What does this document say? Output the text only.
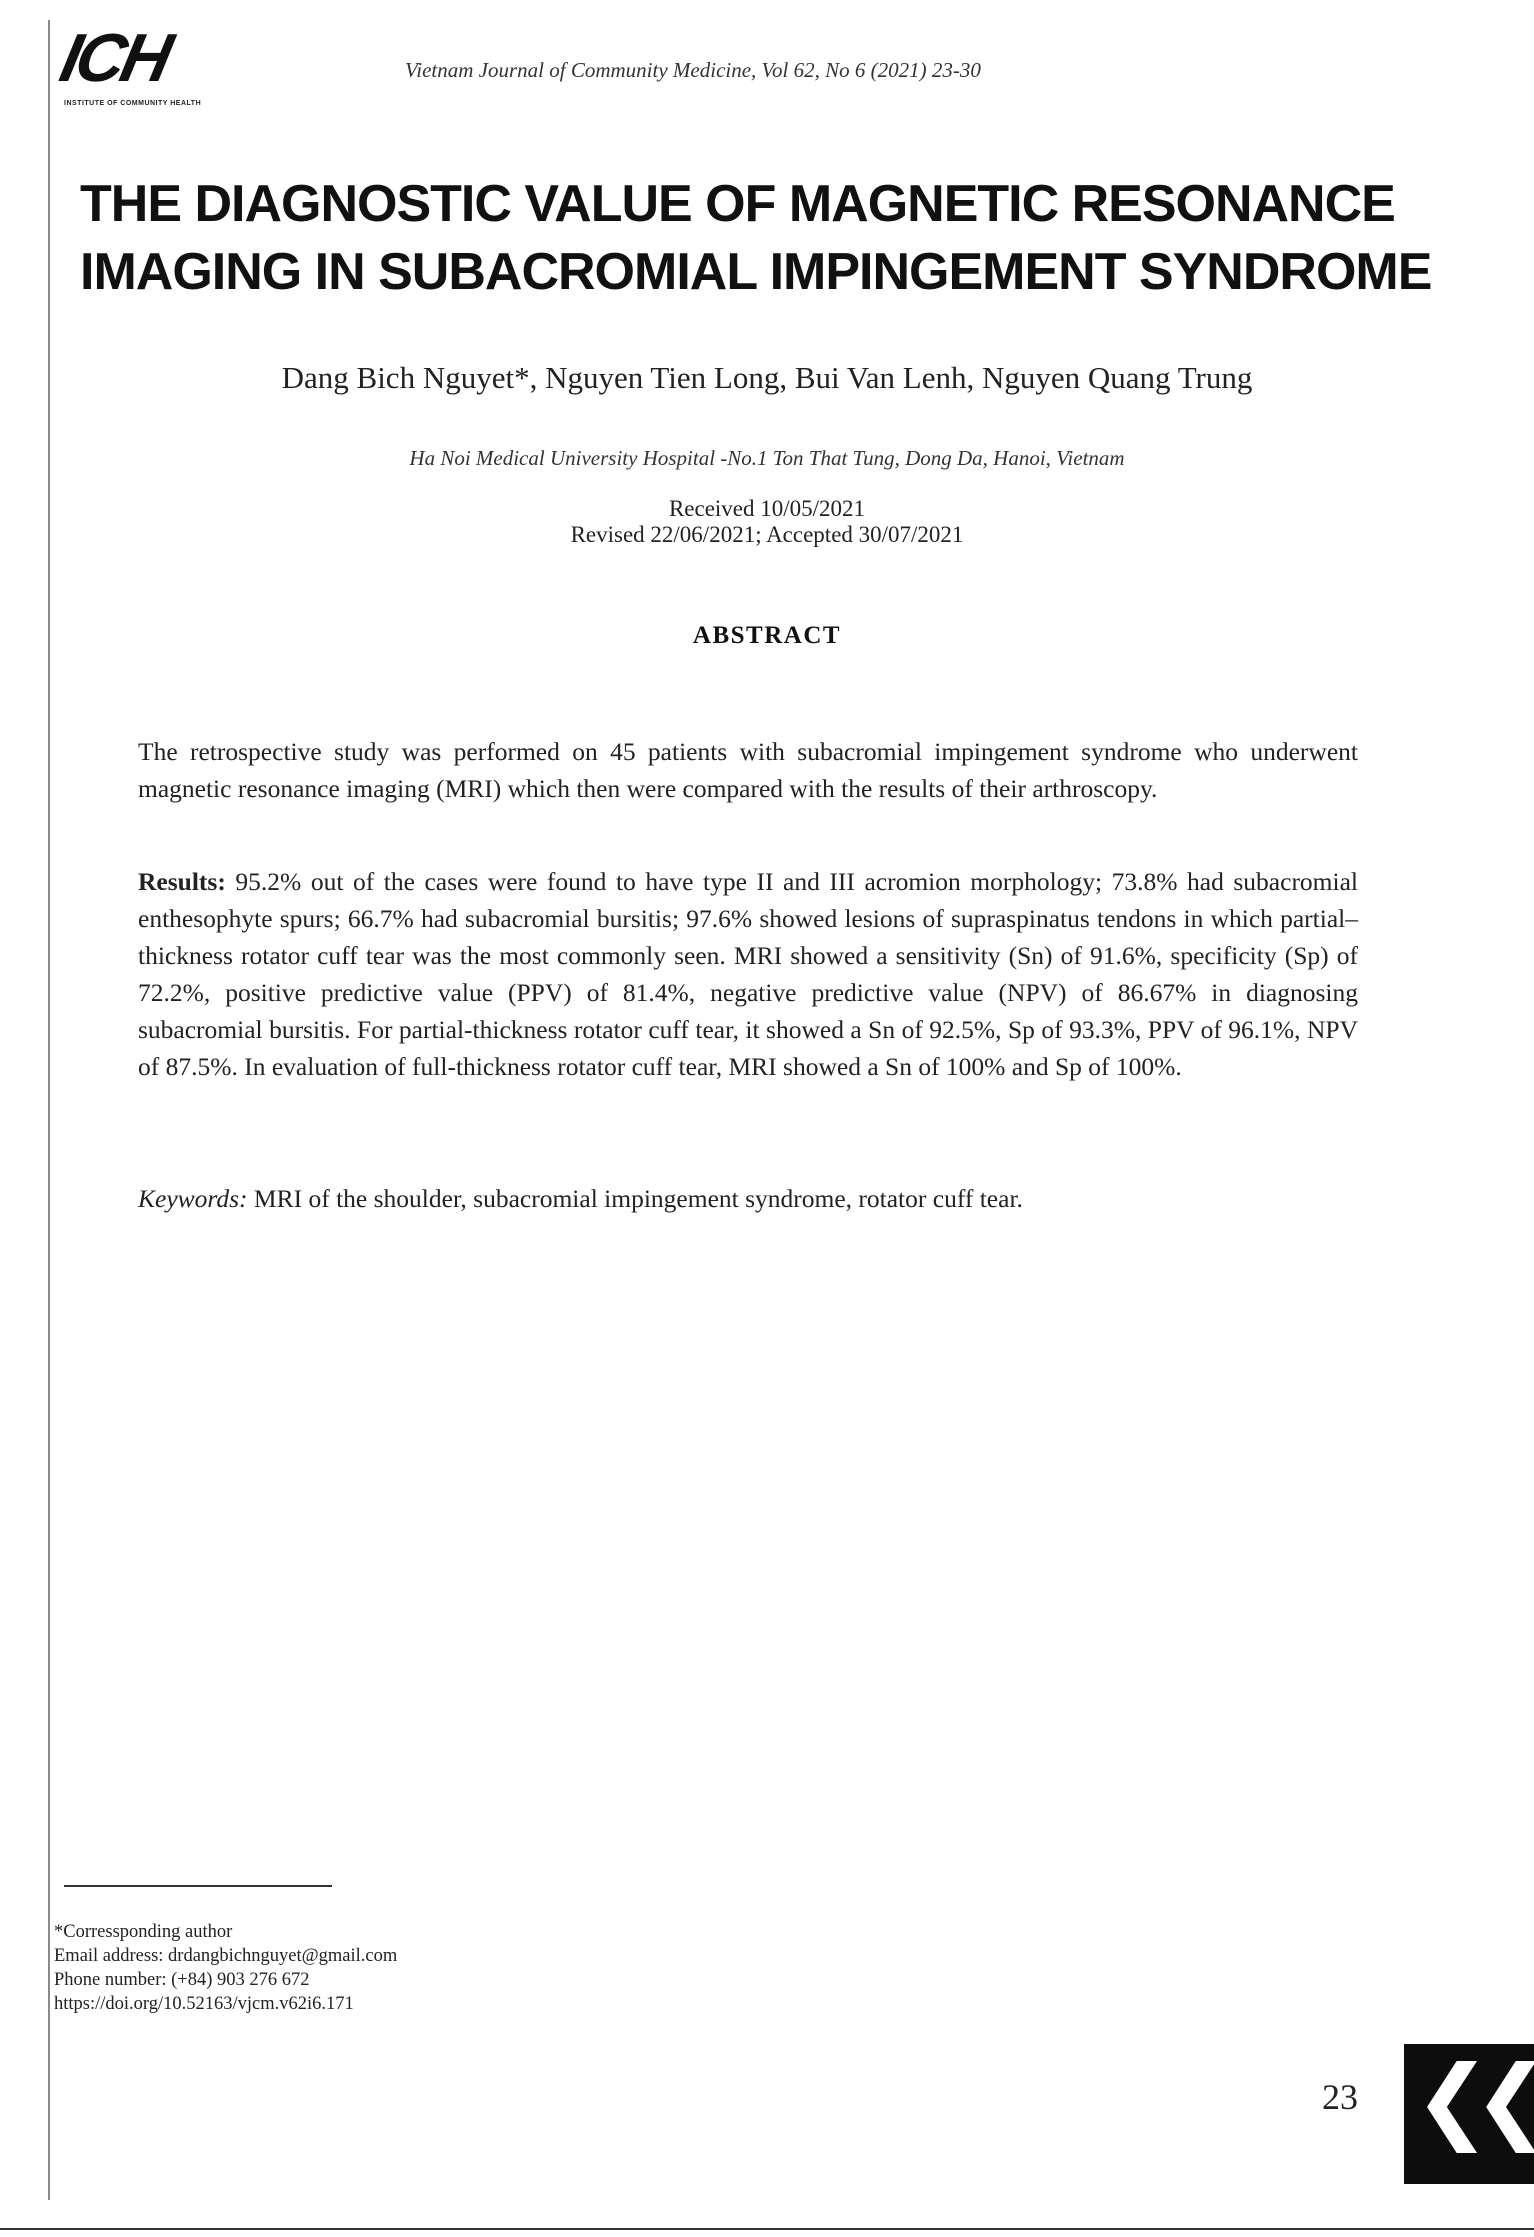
ICH
INSTITUTE OF COMMUNITY HEALTH
Vietnam Journal of Community Medicine, Vol 62, No 6 (2021) 23-30
THE DIAGNOSTIC VALUE OF MAGNETIC RESONANCE
IMAGING IN SUBACROMIAL IMPINGEMENT SYNDROME
Dang Bich Nguyet*, Nguyen Tien Long, Bui Van Lenh, Nguyen Quang Trung
Ha Noi Medical University Hospital -No.1 Ton That Tung, Dong Da, Hanoi, Vietnam
Received 10/05/2021
Revised 22/06/2021; Accepted 30/07/2021
ABSTRACT
The retrospective study was performed on 45 patients with subacromial impingement syndrome who underwent magnetic resonance imaging (MRI) which then were compared with the results of their arthroscopy.
Results: 95.2% out of the cases were found to have type II and III acromion morphology; 73.8% had subacromial enthesophyte spurs; 66.7% had subacromial bursitis; 97.6% showed lesions of supraspinatus tendons in which partial–thickness rotator cuff tear was the most commonly seen. MRI showed a sensitivity (Sn) of 91.6%, specificity (Sp) of 72.2%, positive predictive value (PPV) of 81.4%, negative predictive value (NPV) of 86.67% in diagnosing subacromial bursitis. For partial-thickness rotator cuff tear, it showed a Sn of 92.5%, Sp of 93.3%, PPV of 96.1%, NPV of 87.5%. In evaluation of full-thickness rotator cuff tear, MRI showed a Sn of 100% and Sp of 100%.
Keywords: MRI of the shoulder, subacromial impingement syndrome, rotator cuff tear.
*Corressponding author
Email address: drdangbichnguyet@gmail.com
Phone number: (+84) 903 276 672
https://doi.org/10.52163/vjcm.v62i6.171
23 ❮❮
